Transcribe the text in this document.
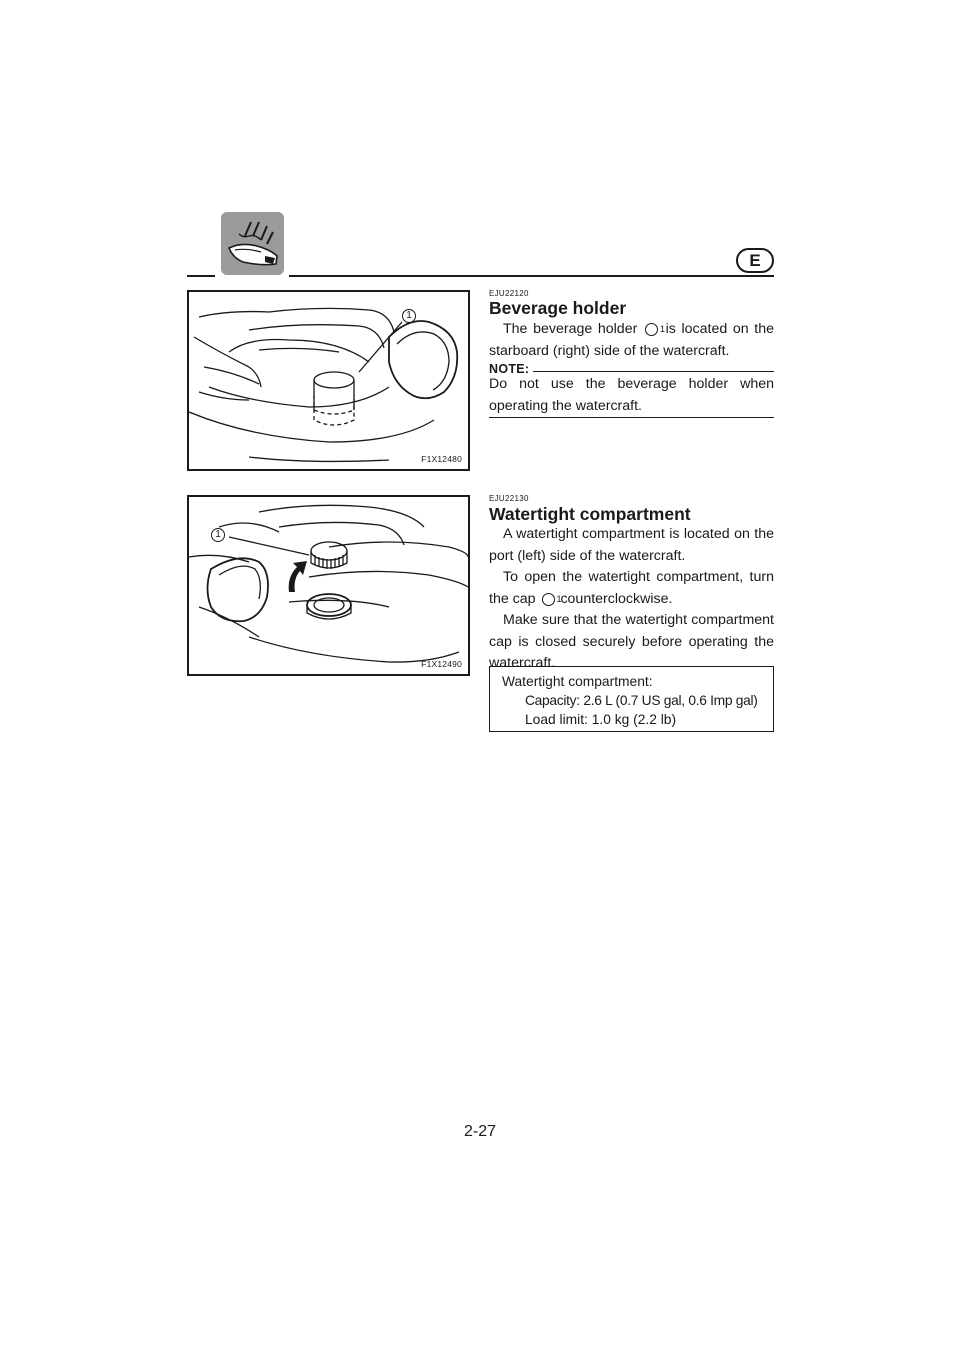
E
1
F1X12480
1
F1X12490
EJU22120
Beverage holder

The beverage holder	1 is located on the starboard (right) side of the watercraft.

NOTE:
Do not use the beverage holder when operating the watercraft.
EJU22130
Watertight compartment

A watertight compartment is located on the port (left) side of the watercraft.

To open the watertight compartment, turn the cap 1 counterclockwise.

Make sure that the watertight compartment cap is closed securely before operating the watercraft.

Watertight compartment:
Capacity: 2.6 L (0.7 US gal, 0.6 Imp gal)
Load limit: 1.0 kg (2.2 lb)
2-27
